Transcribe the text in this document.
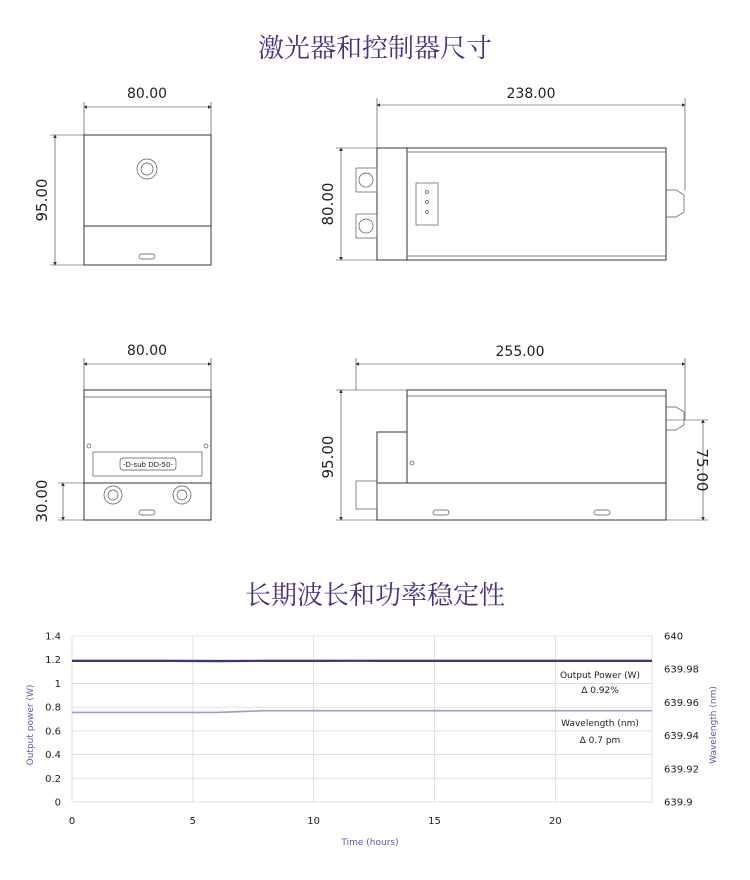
激光器和控制器尺寸
长期波长和功率稳定性
80.00
95.00
238.00
80.00
80.00
30.00
-D-sub DD-50-
255.00
95.00	75.00
0
0.2
0.4
0.6
0.8
1
1.2
1.4
0	5	10	15	20
639.9
639.92
639.94
639.96
639.98
640
Time (hours)
Output power (W)	Wavelength (nm)
Output Power (W)
Δ 0.92%
Wavelength (nm)
Δ 0.7 pm
